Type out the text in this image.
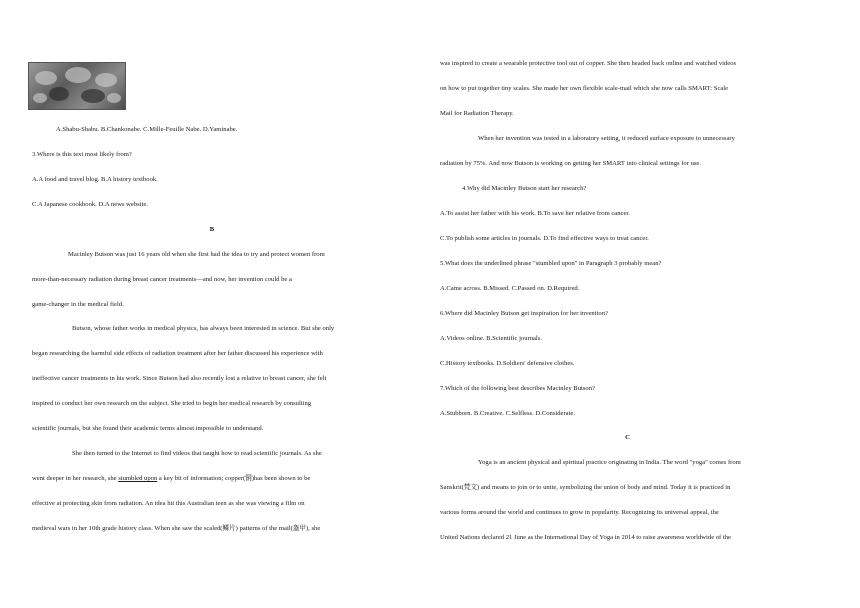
A.Shabu-Shabu. B.Chankonabe. C.Mille-Feuille Nabe. D.Yaminabe.
3.Where is this text most likely from?
A.A food and travel blog. B.A history textbook.
C.A Japanese cookbook. D.A news website.
B
Macinley Butson was just 16 years old when she first had the idea to try and protect women from
more-than-necessary radiation during breast cancer treatments—and now, her invention could be a
game-changer in the medical field.
Butson, whose father works in medical physics, has always been interested in science. But she only
began researching the harmful side effects of radiation treatment after her father discussed his experience with
ineffective cancer treatments in his work. Since Butson had also recently lost a relative to breast cancer, she felt
inspired to conduct her own research on the subject. She tried to begin her medical research by consulting
scientific journals, but she found their academic terms almost impossible to understand.
She then turned to the Internet to find videos that taught how to read scientific journals. As she
went deeper in her research, she stumbled upon a key bit of information; copper(铜)has been shown to be
effective at protecting skin from radiation. An idea hit this Australian teen as she was viewing a film on
medieval wars in her 10th grade history class. When she saw the scaled(鳞片) patterns of the mail(盔甲), she
was inspired to create a wearable protective tool out of copper. She then headed back online and watched videos
on how to put together tiny scales. She made her own flexible scale-mail which she now calls SMART: Scale
Mail for Radiation Therapy.
When her invention was tested in a laboratory setting, it reduced surface exposure to unnecessary
radiation by 75%. And now Butson is working on getting her SMART into clinical settings for use.
4.Why did Macinley Butson start her research?
A.To assist her father with his work. B.To save her relative from cancer.
C.To publish some articles in journals. D.To find effective ways to treat cancer.
5.What does the underlined phrase "stumbled upon" in Paragraph 3 probably mean?
A.Came across. B.Missed. C.Passed on. D.Required.
6.Where did Macinley Butson get inspiration for her invention?
A.Videos online. B.Scientific journals.
C.History textbooks. D.Soldiers' defensive clothes.
7.Which of the following best describes Macinley Butson?
A.Stubborn. B.Creative. C.Selfless. D.Considerate.
C
Yoga is an ancient physical and spiritual practice originating in India. The word "yoga" comes from
Sanskrit(梵文) and means to join or to unite, symbolizing the union of body and mind. Today it is practiced in
various forms around the world and continues to grow in popularity. Recognizing its universal appeal, the
United Nations declared 21 June as the International Day of Yoga in 2014 to raise awareness worldwide of the
